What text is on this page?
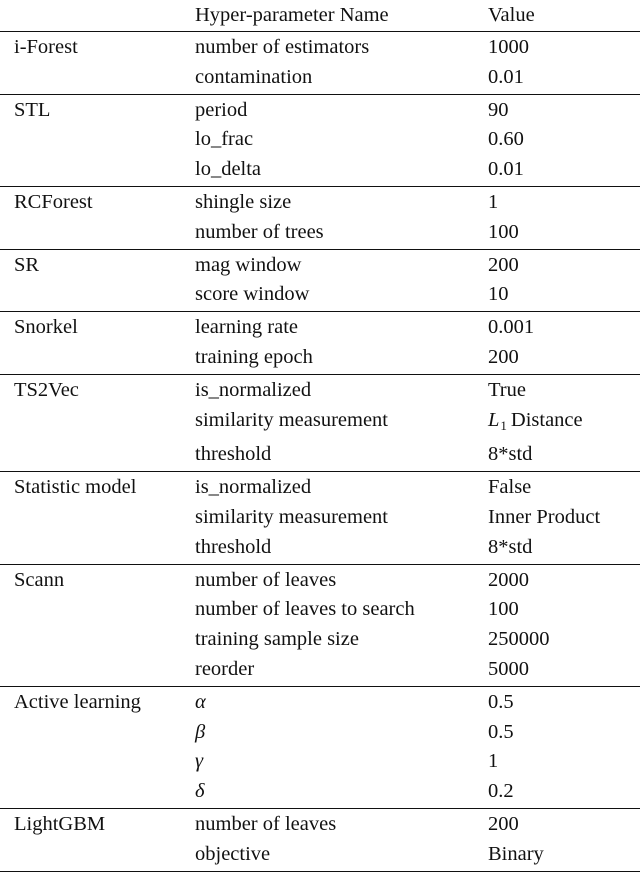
	Hyper-parameter Name	Value
i-Forest	number of estimators	1000
	contamination	0.01
STL	period	90
	lo_frac	0.60
	lo_delta	0.01
RCForest	shingle size	1
	number of trees	100
SR	mag window	200
	score window	10
Snorkel	learning rate	0.001
	training epoch	200
TS2Vec	is_normalized	True
	similarity measurement	$L_1$ Distance
	threshold	8*std
Statistic model	is_normalized	False
	similarity measurement	Inner Product
	threshold	8*std
Scann	number of leaves	2000
	number of leaves to search	100
	training sample size	250000
	reorder	5000
Active learning	α	0.5
	β	0.5
	γ	1
	δ	0.2
LightGBM	number of leaves	200
	objective	Binary
